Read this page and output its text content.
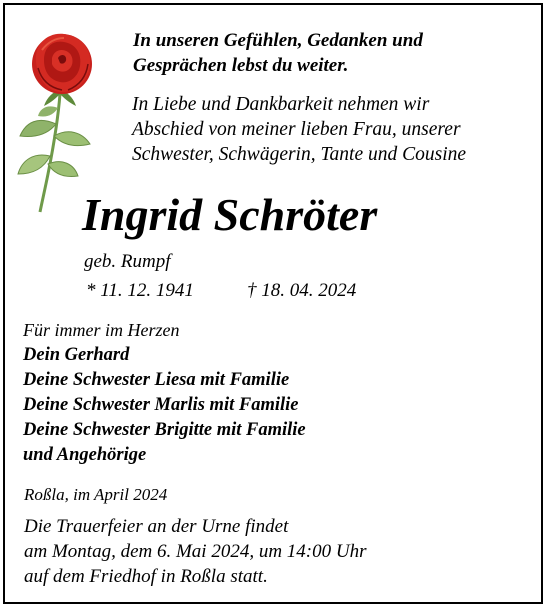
In unseren Gefühlen, Gedanken und
Gesprächen lebst du weiter.
In Liebe und Dankbarkeit nehmen wir
Abschied von meiner lieben Frau, unserer
Schwester, Schwägerin, Tante und Cousine
Ingrid Schröter
geb. Rumpf
* 11. 12. 1941	† 18. 04. 2024
Für immer im Herzen
Dein Gerhard
Deine Schwester Liesa mit Familie
Deine Schwester Marlis mit Familie
Deine Schwester Brigitte mit Familie
und Angehörige
Roßla, im April 2024
Die Trauerfeier an der Urne findet
am Montag, dem 6. Mai 2024, um 14:00 Uhr
auf dem Friedhof in Roßla statt.
